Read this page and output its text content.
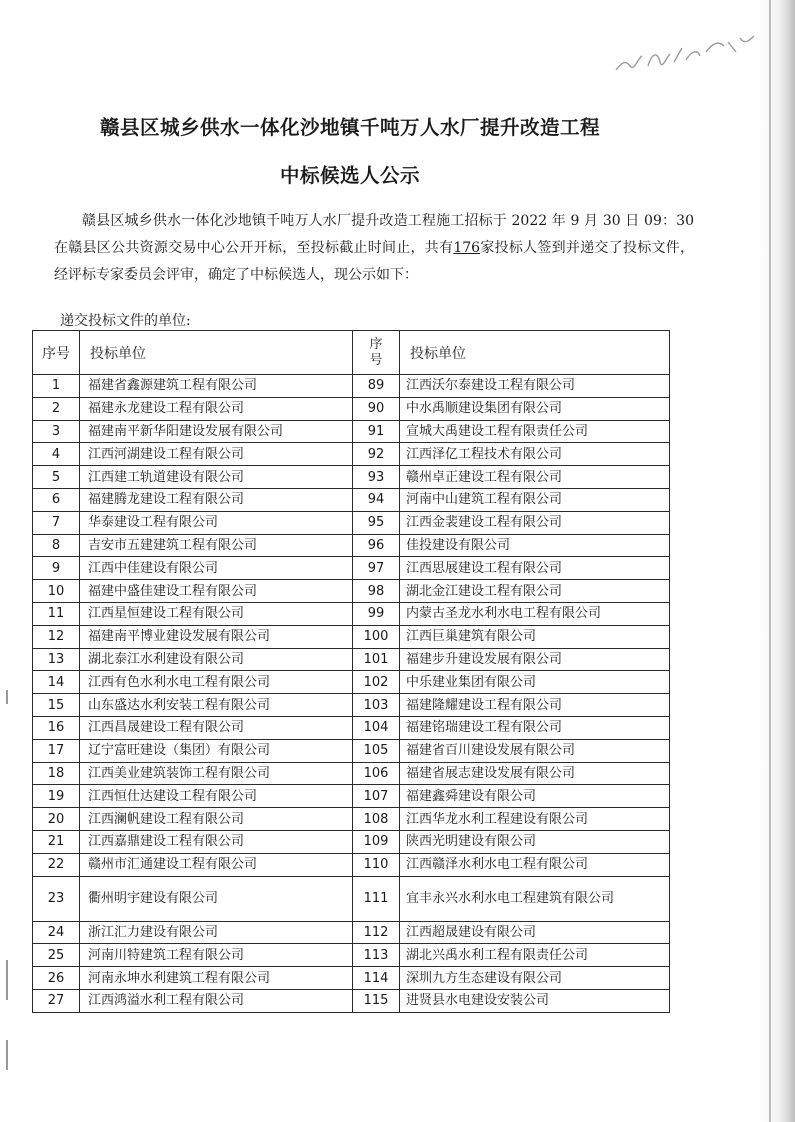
赣县区城乡供水一体化沙地镇千吨万人水厂提升改造工程
中标候选人公示
赣县区城乡供水一体化沙地镇千吨万人水厂提升改造工程施工招标于 2022 年 9 月 30 日 09：30 在赣县区公共资源交易中心公开开标，至投标截止时间止，共有176家投标人签到并递交了投标文件，经评标专家委员会评审，确定了中标候选人，现公示如下：
递交投标文件的单位:
序号	投标单位	序号	投标单位
1	福建省鑫源建筑工程有限公司	89	江西沃尔泰建设工程有限公司
2	福建永龙建设工程有限公司	90	中水禹顺建设集团有限公司
3	福建南平新华阳建设发展有限公司	91	宣城大禹建设工程有限责任公司
4	江西河湖建设工程有限公司	92	江西泽亿工程技术有限公司
5	江西建工轨道建设有限公司	93	赣州卓正建设工程有限公司
6	福建腾龙建设工程有限公司	94	河南中山建筑工程有限公司
7	华泰建设工程有限公司	95	江西金裴建设工程有限公司
8	吉安市五建建筑工程有限公司	96	佳投建设有限公司
9	江西中佳建设有限公司	97	江西思展建设工程有限公司
10	福建中盛佳建设工程有限公司	98	湖北金江建设工程有限公司
11	江西星恒建设工程有限公司	99	内蒙古圣龙水利水电工程有限公司
12	福建南平博业建设发展有限公司	100	江西巨巢建筑有限公司
13	湖北泰江水利建设有限公司	101	福建步升建设发展有限公司
14	江西有色水利水电工程有限公司	102	中乐建业集团有限公司
15	山东盛达水利安装工程有限公司	103	福建隆耀建设工程有限公司
16	江西昌晟建设工程有限公司	104	福建铭瑞建设工程有限公司
17	辽宁富旺建设（集团）有限公司	105	福建省百川建设发展有限公司
18	江西美业建筑装饰工程有限公司	106	福建省展志建设发展有限公司
19	江西恒仕达建设工程有限公司	107	福建鑫舜建设有限公司
20	江西澜帆建设工程有限公司	108	江西华龙水利工程建设有限公司
21	江西嘉鼎建设工程有限公司	109	陕西光明建设有限公司
22	赣州市汇通建设工程有限公司	110	江西赣泽水利水电工程有限公司
23	衢州明宇建设有限公司	111	宜丰永兴水利水电工程建筑有限公司
24	浙江汇力建设有限公司	112	江西超晟建设有限公司
25	河南川特建筑工程有限公司	113	湖北兴禹水利工程有限责任公司
26	河南永坤水利建筑工程有限公司	114	深圳九方生态建设有限公司
27	江西鸿溢水利工程有限公司	115	进贤县水电建设安装公司
